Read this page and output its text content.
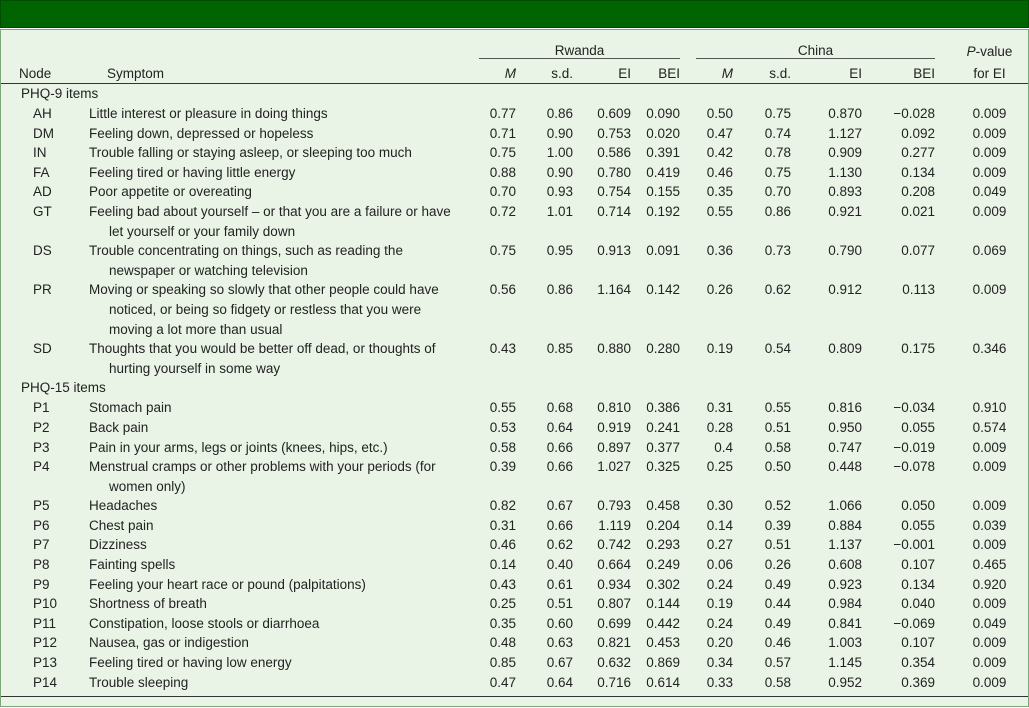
		Rwanda					China					P-value
Node	Symptom	M	s.d.	EI	BEI		M	s.d.	EI	BEI		for EI
PHQ-9 items												
AH	Little interest or pleasure in doing things	0.77	0.86	0.609	0.090		0.50	0.75	0.870	−0.028		0.009
DM	Feeling down, depressed or hopeless	0.71	0.90	0.753	0.020		0.47	0.74	1.127	0.092		0.009
IN	Trouble falling or staying asleep, or sleeping too much	0.75	1.00	0.586	0.391		0.42	0.78	0.909	0.277		0.009
FA	Feeling tired or having little energy	0.88	0.90	0.780	0.419		0.46	0.75	1.130	0.134		0.009
AD	Poor appetite or overeating	0.70	0.93	0.754	0.155		0.35	0.70	0.893	0.208		0.049
GT	Feeling bad about yourself – or that you are a failure or have let yourself or your family down	0.72	1.01	0.714	0.192		0.55	0.86	0.921	0.021		0.009
DS	Trouble concentrating on things, such as reading the newspaper or watching television	0.75	0.95	0.913	0.091		0.36	0.73	0.790	0.077		0.069
PR	Moving or speaking so slowly that other people could have noticed, or being so fidgety or restless that you were moving a lot more than usual	0.56	0.86	1.164	0.142		0.26	0.62	0.912	0.113		0.009
SD	Thoughts that you would be better off dead, or thoughts of hurting yourself in some way	0.43	0.85	0.880	0.280		0.19	0.54	0.809	0.175		0.346
PHQ-15 items												
P1	Stomach pain	0.55	0.68	0.810	0.386		0.31	0.55	0.816	−0.034		0.910
P2	Back pain	0.53	0.64	0.919	0.241		0.28	0.51	0.950	0.055		0.574
P3	Pain in your arms, legs or joints (knees, hips, etc.)	0.58	0.66	0.897	0.377		0.4	0.58	0.747	−0.019		0.009
P4	Menstrual cramps or other problems with your periods (for women only)	0.39	0.66	1.027	0.325		0.25	0.50	0.448	−0.078		0.009
P5	Headaches	0.82	0.67	0.793	0.458		0.30	0.52	1.066	0.050		0.009
P6	Chest pain	0.31	0.66	1.119	0.204		0.14	0.39	0.884	0.055		0.039
P7	Dizziness	0.46	0.62	0.742	0.293		0.27	0.51	1.137	−0.001		0.009
P8	Fainting spells	0.14	0.40	0.664	0.249		0.06	0.26	0.608	0.107		0.465
P9	Feeling your heart race or pound (palpitations)	0.43	0.61	0.934	0.302		0.24	0.49	0.923	0.134		0.920
P10	Shortness of breath	0.25	0.51	0.807	0.144		0.19	0.44	0.984	0.040		0.009
P11	Constipation, loose stools or diarrhoea	0.35	0.60	0.699	0.442		0.24	0.49	0.841	−0.069		0.049
P12	Nausea, gas or indigestion	0.48	0.63	0.821	0.453		0.20	0.46	1.003	0.107		0.009
P13	Feeling tired or having low energy	0.85	0.67	0.632	0.869		0.34	0.57	1.145	0.354		0.009
P14	Trouble sleeping	0.47	0.64	0.716	0.614		0.33	0.58	0.952	0.369		0.009
